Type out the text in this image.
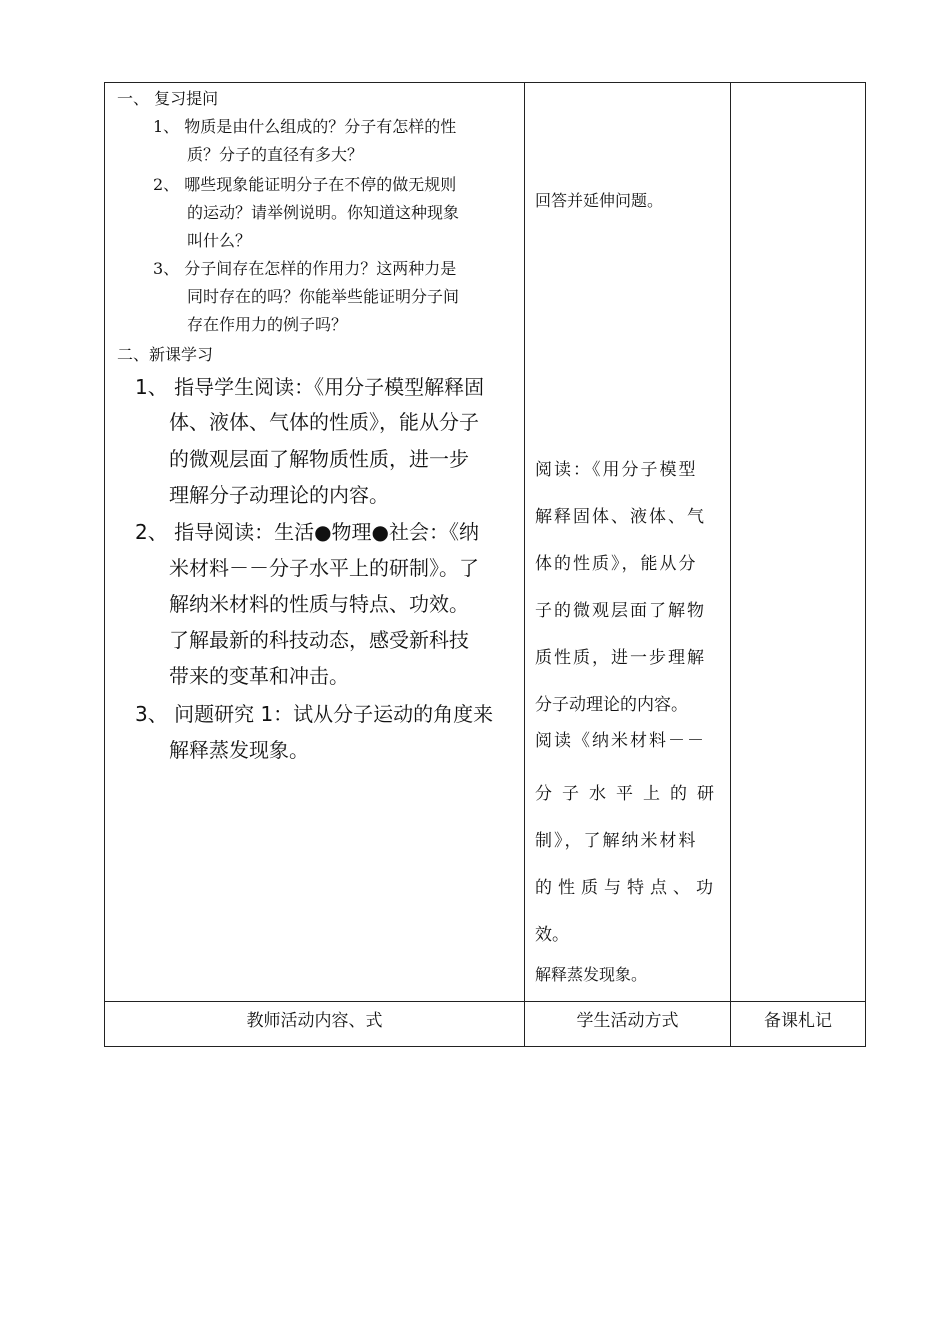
一、 复习提问
1、 物质是由什么组成的？分子有怎样的性
质？分子的直径有多大？
2、 哪些现象能证明分子在不停的做无规则
的运动？请举例说明。你知道这种现象
叫什么？
3、 分子间存在怎样的作用力？这两种力是
同时存在的吗？你能举些能证明分子间
存在作用力的例子吗？
二、新课学习
1、 指导学生阅读：《用分子模型解释固
体、液体、气体的性质》，能从分子
的微观层面了解物质性质，进一步
理解分子动理论的内容。
2、 指导阅读：生活●物理●社会：《纳
米材料－－分子水平上的研制》。了
解纳米材料的性质与特点、功效。
了解最新的科技动态，感受新科技
带来的变革和冲击。
3、 问题研究 1：试从分子运动的角度来
解释蒸发现象。
回答并延伸问题。
阅读：《用分子模型
解释固体、液体、气
体的性质》，能从分
子的微观层面了解物
质性质，进一步理解
分子动理论的内容。
阅读《纳米材料－－
分子水平上的研
制》，了解纳米材料
的性质与特点、功
效。
解释蒸发现象。
教师活动内容、式	学生活动方式	备课札记
